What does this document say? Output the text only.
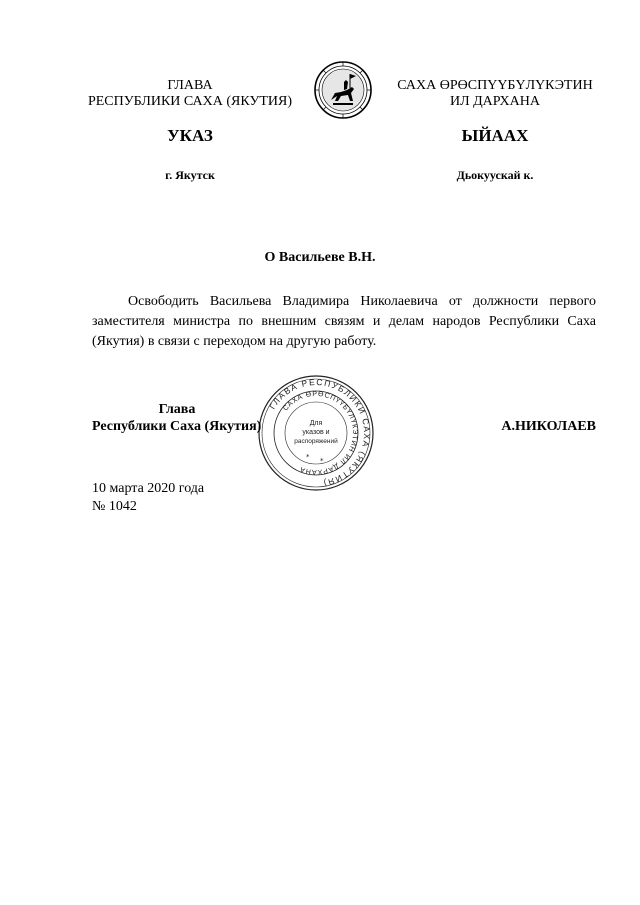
ГЛАВА
РЕСПУБЛИКИ САХА (ЯКУТИЯ)
САХА ӨРӨСПҮҮБҮЛҮКЭТИН
ИЛ ДАРХАНА
УКАЗ	ЫЙААХ
г. Якутск	Дьокуускай к.
О Васильеве В.Н.
Освободить Васильева Владимира Николаевича от должности первого заместителя министра по внешним связям и делам народов Республики Саха (Якутия) в связи с переходом на другую работу.
ГЛАВА РЕСПУБЛИКИ САХА (ЯКУТИЯ)
САХА ӨРӨСПҮҮБҮЛҮКЭТИН ИЛ ДАРХАНА
Для
указов и
распоряжений
* *
Глава
Республики Саха (Якутия)	А.НИКОЛАЕВ
10 марта 2020 года
№ 1042
